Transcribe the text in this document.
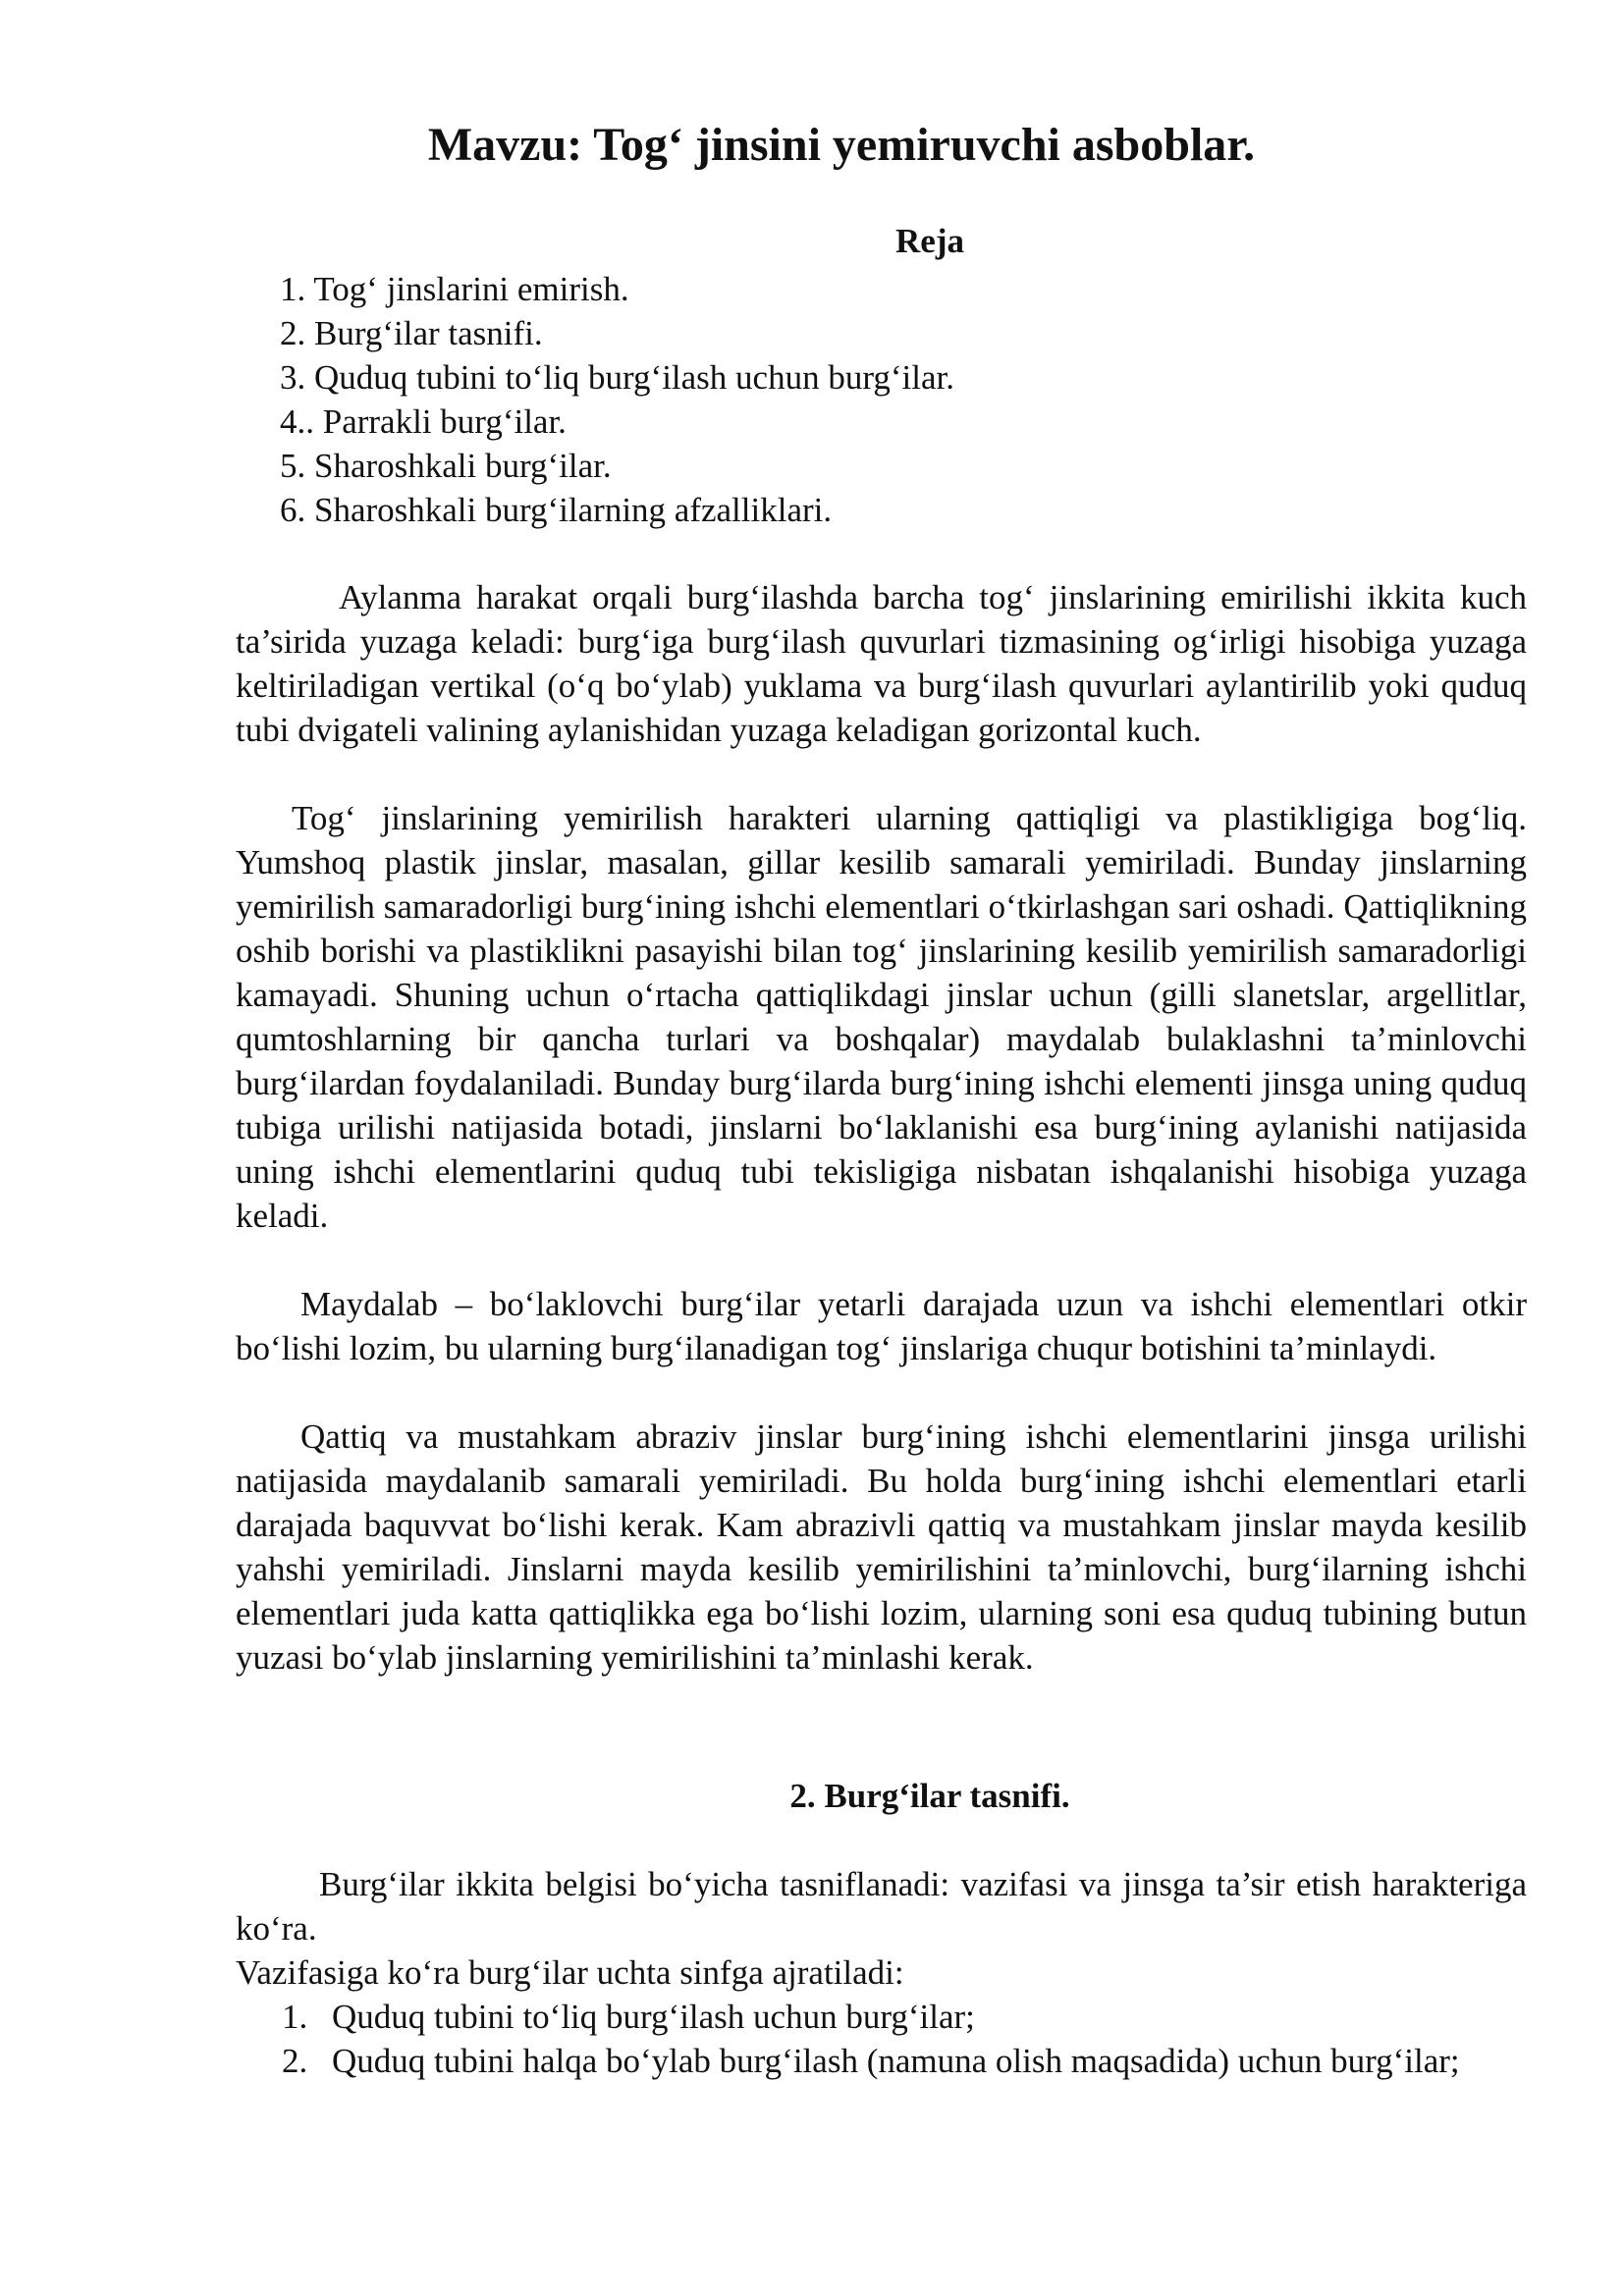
Mavzu: Tog‘ jinsini yemiruvchi asboblar.
Reja
1. Tog‘ jinslarini emirish.
2. Burg‘ilar tasnifi.
3. Quduq tubini to‘liq burg‘ilash uchun burg‘ilar.
4.. Parrakli burg‘ilar.
5. Sharoshkali burg‘ilar.
6. Sharoshkali burg‘ilarning afzalliklari.

Aylanma harakat orqali burg‘ilashda barcha tog‘ jinslarining emirilishi ikkita kuch ta’sirida yuzaga keladi: burg‘iga burg‘ilash quvurlari tizmasining og‘irligi hisobiga yuzaga keltiriladigan vertikal (o‘q bo‘ylab) yuklama va burg‘ilash quvurlari aylantirilib yoki quduq tubi dvigateli valining aylanishidan yuzaga keladigan gorizontal kuch.

Tog‘ jinslarining yemirilish harakteri ularning qattiqligi va plastikligiga bog‘liq. Yumshoq plastik jinslar, masalan, gillar kesilib samarali yemiriladi. Bunday jinslarning yemirilish samaradorligi burg‘ining ishchi elementlari o‘tkirlashgan sari oshadi. Qattiqlikning oshib borishi va plastiklikni pasayishi bilan tog‘ jinslarining kesilib yemirilish samaradorligi kamayadi. Shuning uchun o‘rtacha qattiqlikdagi jinslar uchun (gilli slanetslar, argellitlar, qumtoshlarning bir qancha turlari va boshqalar) maydalab bulaklashni ta’minlovchi burg‘ilardan foydalaniladi. Bunday burg‘ilarda burg‘ining ishchi elementi jinsga uning quduq tubiga urilishi natijasida botadi, jinslarni bo‘laklanishi esa burg‘ining aylanishi natijasida uning ishchi elementlarini quduq tubi tekisligiga nisbatan ishqalanishi hisobiga yuzaga keladi.

Maydalab – bo‘laklovchi burg‘ilar yetarli darajada uzun va ishchi elementlari otkir bo‘lishi lozim, bu ularning burg‘ilanadigan tog‘ jinslariga chuqur botishini ta’minlaydi.

Qattiq va mustahkam abraziv jinslar burg‘ining ishchi elementlarini jinsga urilishi natijasida maydalanib samarali yemiriladi. Bu holda burg‘ining ishchi elementlari etarli darajada baquvvat bo‘lishi kerak. Kam abrazivli qattiq va mustahkam jinslar mayda kesilib yahshi yemiriladi. Jinslarni mayda kesilib yemirilishini ta’minlovchi, burg‘ilarning ishchi elementlari juda katta qattiqlikka ega bo‘lishi lozim, ularning soni esa quduq tubining butun yuzasi bo‘ylab jinslarning yemirilishini ta’minlashi kerak.

2. Burg‘ilar tasnifi.

Burg‘ilar ikkita belgisi bo‘yicha tasniflanadi: vazifasi va jinsga ta’sir etish harakteriga ko‘ra.

Vazifasiga ko‘ra burg‘ilar uchta sinfga ajratiladi:

1. Quduq tubini to‘liq burg‘ilash uchun burg‘ilar;
2. Quduq tubini halqa bo‘ylab burg‘ilash (namuna olish maqsadida) uchun burg‘ilar;
